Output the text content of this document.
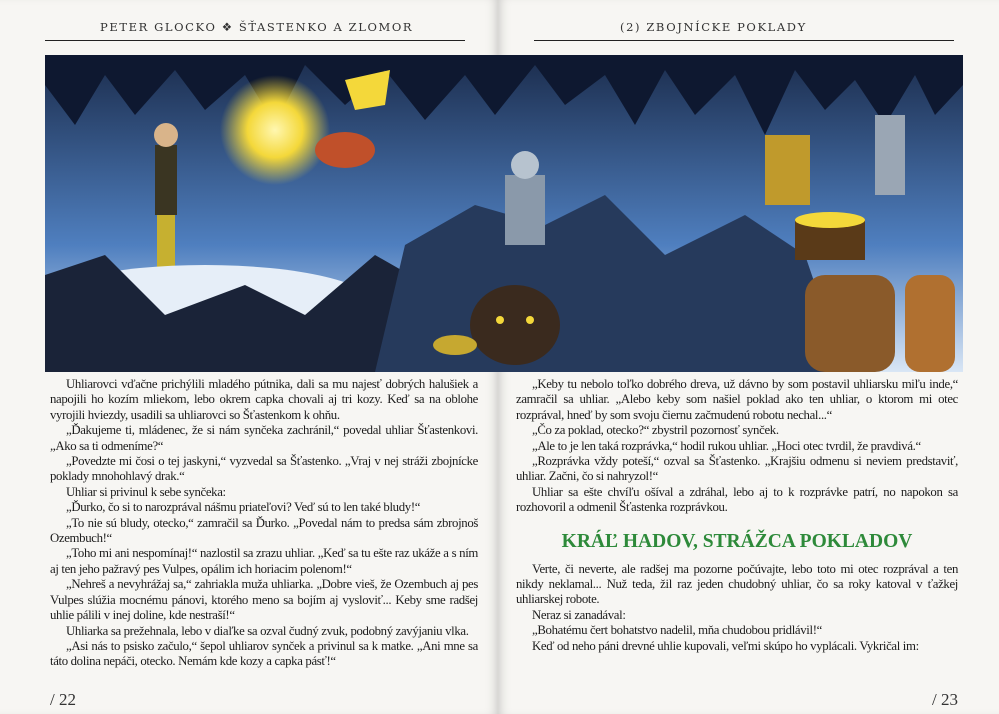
PETER GLOCKO ❖ ŠŤASTENKO A ZLOMOR

Uhliarovci vďačne prichýlili mladého pútnika, dali sa mu najesť dobrých halušiek a napojili ho kozím mliekom, lebo okrem capka chovali aj tri kozy. Keď sa na oblohe vyrojili hviezdy, usadili sa uhliarovci so Šťastenkom k ohňu.

„Ďakujeme ti, mládenec, že si nám synčeka zachránil,“ povedal uhliar Šťastenkovi. „Ako sa ti odmeníme?“

„Povedzte mi čosi o tej jaskyni,“ vyzvedal sa Šťastenko. „Vraj v nej stráži zbojnícke poklady mnohohlavý drak.“

Uhliar si privinul k sebe synčeka:

„Ďurko, čo si to narozprával nášmu priateľovi? Veď sú to len také bludy!“

„To nie sú bludy, otecko,“ zamračil sa Ďurko. „Povedal nám to predsa sám zbrojnoš Ozembuch!“

„Toho mi ani nespomínaj!“ nazlostil sa zrazu uhliar. „Keď sa tu ešte raz ukáže a s ním aj ten jeho pažravý pes Vulpes, opálim ich horiacim polenom!“

„Nehreš a nevyhrážaj sa,“ zahriakla muža uhliarka. „Dobre vieš, že Ozembuch aj pes Vulpes slúžia mocnému pánovi, ktorého meno sa bojím aj vysloviť... Keby sme radšej uhlie pálili v inej doline, kde nestraší!“

Uhliarka sa prežehnala, lebo v diaľke sa ozval čudný zvuk, podobný zavýjaniu vlka.

„Asi nás to psisko začulo,“ šepol uhliarov synček a privinul sa k matke. „Ani mne sa táto dolina nepáči, otecko. Nemám kde kozy a capka pásť!“

/ 22
(2) ZBOJNÍCKE POKLADY

„Keby tu nebolo toľko dobrého dreva, už dávno by som postavil uhliarsku miľu inde,“ zamračil sa uhliar. „Alebo keby som našiel poklad ako ten uhliar, o ktorom mi otec rozprával, hneď by som svoju čiernu začmudenú robotu nechal...“

„Čo za poklad, otecko?“ zbystril pozornosť synček.

„Ale to je len taká rozprávka,“ hodil rukou uhliar. „Hoci otec tvrdil, že pravdivá.“

„Rozprávka vždy poteší,“ ozval sa Šťastenko. „Krajšiu odmenu si neviem predstaviť, uhliar. Začni, čo si nahryzol!“

Uhliar sa ešte chvíľu ošíval a zdráhal, lebo aj to k rozprávke patrí, no napokon sa rozhovoril a odmenil Šťastenka rozprávkou.

KRÁĽ HADOV, STRÁŽCA POKLADOV

Verte, či neverte, ale radšej ma pozorne počúvajte, lebo toto mi otec rozprával a ten nikdy neklamal... Nuž teda, žil raz jeden chudobný uhliar, čo sa roky katoval v ťažkej uhliarskej robote.

Neraz si zanadával:

„Bohatému čert bohatstvo nadelil, mňa chudobou pridlávil!“

Keď od neho páni drevné uhlie kupovali, veľmi skúpo ho vyplácali. Vykričal im:

/ 23
